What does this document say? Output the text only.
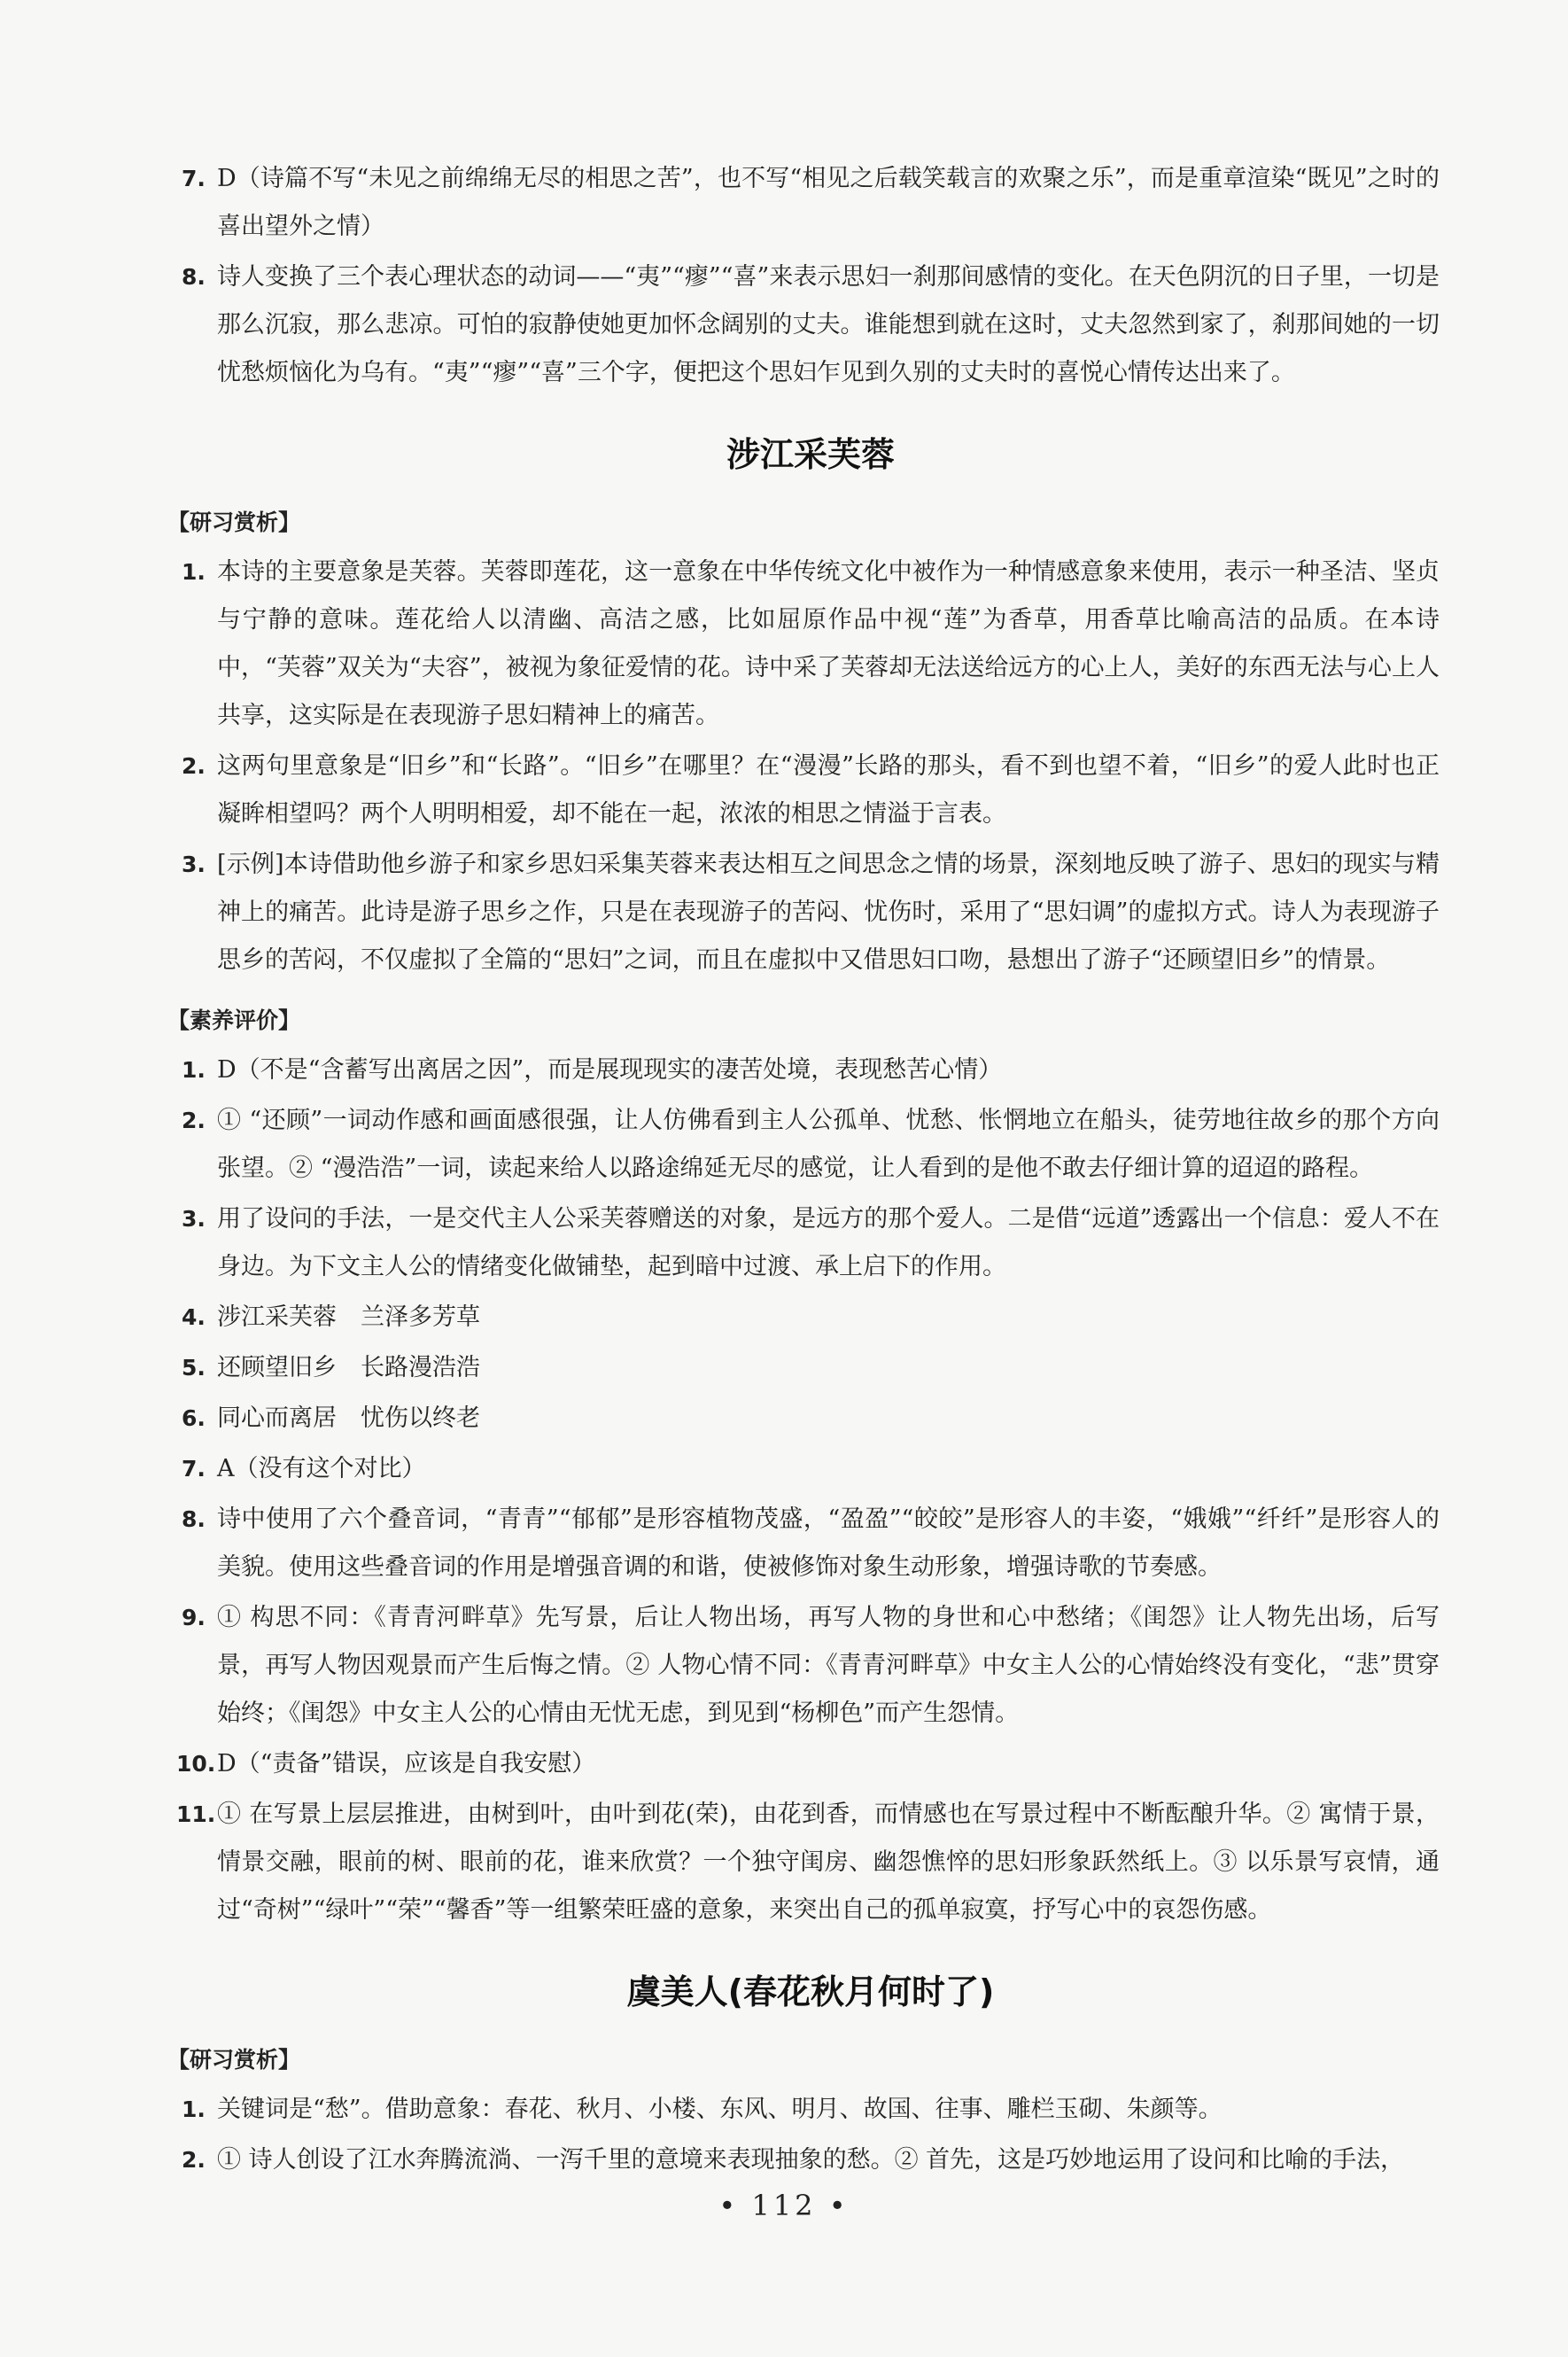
7. D（诗篇不写“未见之前绵绵无尽的相思之苦”，也不写“相见之后载笑载言的欢聚之乐”，而是重章渲染“既见”之时的喜出望外之情）
8. 诗人变换了三个表心理状态的动词——“夷”“瘳”“喜”来表示思妇一刹那间感情的变化。在天色阴沉的日子里，一切是那么沉寂，那么悲凉。可怕的寂静使她更加怀念阔别的丈夫。谁能想到就在这时，丈夫忽然到家了，刹那间她的一切忧愁烦恼化为乌有。“夷”“瘳”“喜”三个字，便把这个思妇乍见到久别的丈夫时的喜悦心情传达出来了。
涉江采芙蓉
【研习赏析】
1. 本诗的主要意象是芙蓉。芙蓉即莲花，这一意象在中华传统文化中被作为一种情感意象来使用，表示一种圣洁、坚贞与宁静的意味。莲花给人以清幽、高洁之感，比如屈原作品中视“莲”为香草，用香草比喻高洁的品质。在本诗中，“芙蓉”双关为“夫容”，被视为象征爱情的花。诗中采了芙蓉却无法送给远方的心上人，美好的东西无法与心上人共享，这实际是在表现游子思妇精神上的痛苦。
2. 这两句里意象是“旧乡”和“长路”。“旧乡”在哪里？在“漫漫”长路的那头，看不到也望不着，“旧乡”的爱人此时也正凝眸相望吗？两个人明明相爱，却不能在一起，浓浓的相思之情溢于言表。
3. [示例]本诗借助他乡游子和家乡思妇采集芙蓉来表达相互之间思念之情的场景，深刻地反映了游子、思妇的现实与精神上的痛苦。此诗是游子思乡之作，只是在表现游子的苦闷、忧伤时，采用了“思妇调”的虚拟方式。诗人为表现游子思乡的苦闷，不仅虚拟了全篇的“思妇”之词，而且在虚拟中又借思妇口吻，悬想出了游子“还顾望旧乡”的情景。
【素养评价】
1. D（不是“含蓄写出离居之因”，而是展现现实的凄苦处境，表现愁苦心情）
2. ① “还顾”一词动作感和画面感很强，让人仿佛看到主人公孤单、忧愁、怅惘地立在船头，徒劳地往故乡的那个方向张望。② “漫浩浩”一词，读起来给人以路途绵延无尽的感觉，让人看到的是他不敢去仔细计算的迢迢的路程。
3. 用了设问的手法，一是交代主人公采芙蓉赠送的对象，是远方的那个爱人。二是借“远道”透露出一个信息：爱人不在身边。为下文主人公的情绪变化做铺垫，起到暗中过渡、承上启下的作用。
4. 涉江采芙蓉　兰泽多芳草
5. 还顾望旧乡　长路漫浩浩
6. 同心而离居　忧伤以终老
7. A（没有这个对比）
8. 诗中使用了六个叠音词，“青青”“郁郁”是形容植物茂盛，“盈盈”“皎皎”是形容人的丰姿，“娥娥”“纤纤”是形容人的美貌。使用这些叠音词的作用是增强音调的和谐，使被修饰对象生动形象，增强诗歌的节奏感。
9. ① 构思不同：《青青河畔草》先写景，后让人物出场，再写人物的身世和心中愁绪；《闺怨》让人物先出场，后写景，再写人物因观景而产生后悔之情。② 人物心情不同：《青青河畔草》中女主人公的心情始终没有变化，“悲”贯穿始终；《闺怨》中女主人公的心情由无忧无虑，到见到“杨柳色”而产生怨情。
10. D（“责备”错误，应该是自我安慰）
11. ① 在写景上层层推进，由树到叶，由叶到花(荣)，由花到香，而情感也在写景过程中不断酝酿升华。② 寓情于景，情景交融，眼前的树、眼前的花，谁来欣赏？一个独守闺房、幽怨憔悴的思妇形象跃然纸上。③ 以乐景写哀情，通过“奇树”“绿叶”“荣”“馨香”等一组繁荣旺盛的意象，来突出自己的孤单寂寞，抒写心中的哀怨伤感。
虞美人(春花秋月何时了)
【研习赏析】
1. 关键词是“愁”。借助意象：春花、秋月、小楼、东风、明月、故国、往事、雕栏玉砌、朱颜等。
2. ① 诗人创设了江水奔腾流淌、一泻千里的意境来表现抽象的愁。② 首先，这是巧妙地运用了设问和比喻的手法，
• 112 •
